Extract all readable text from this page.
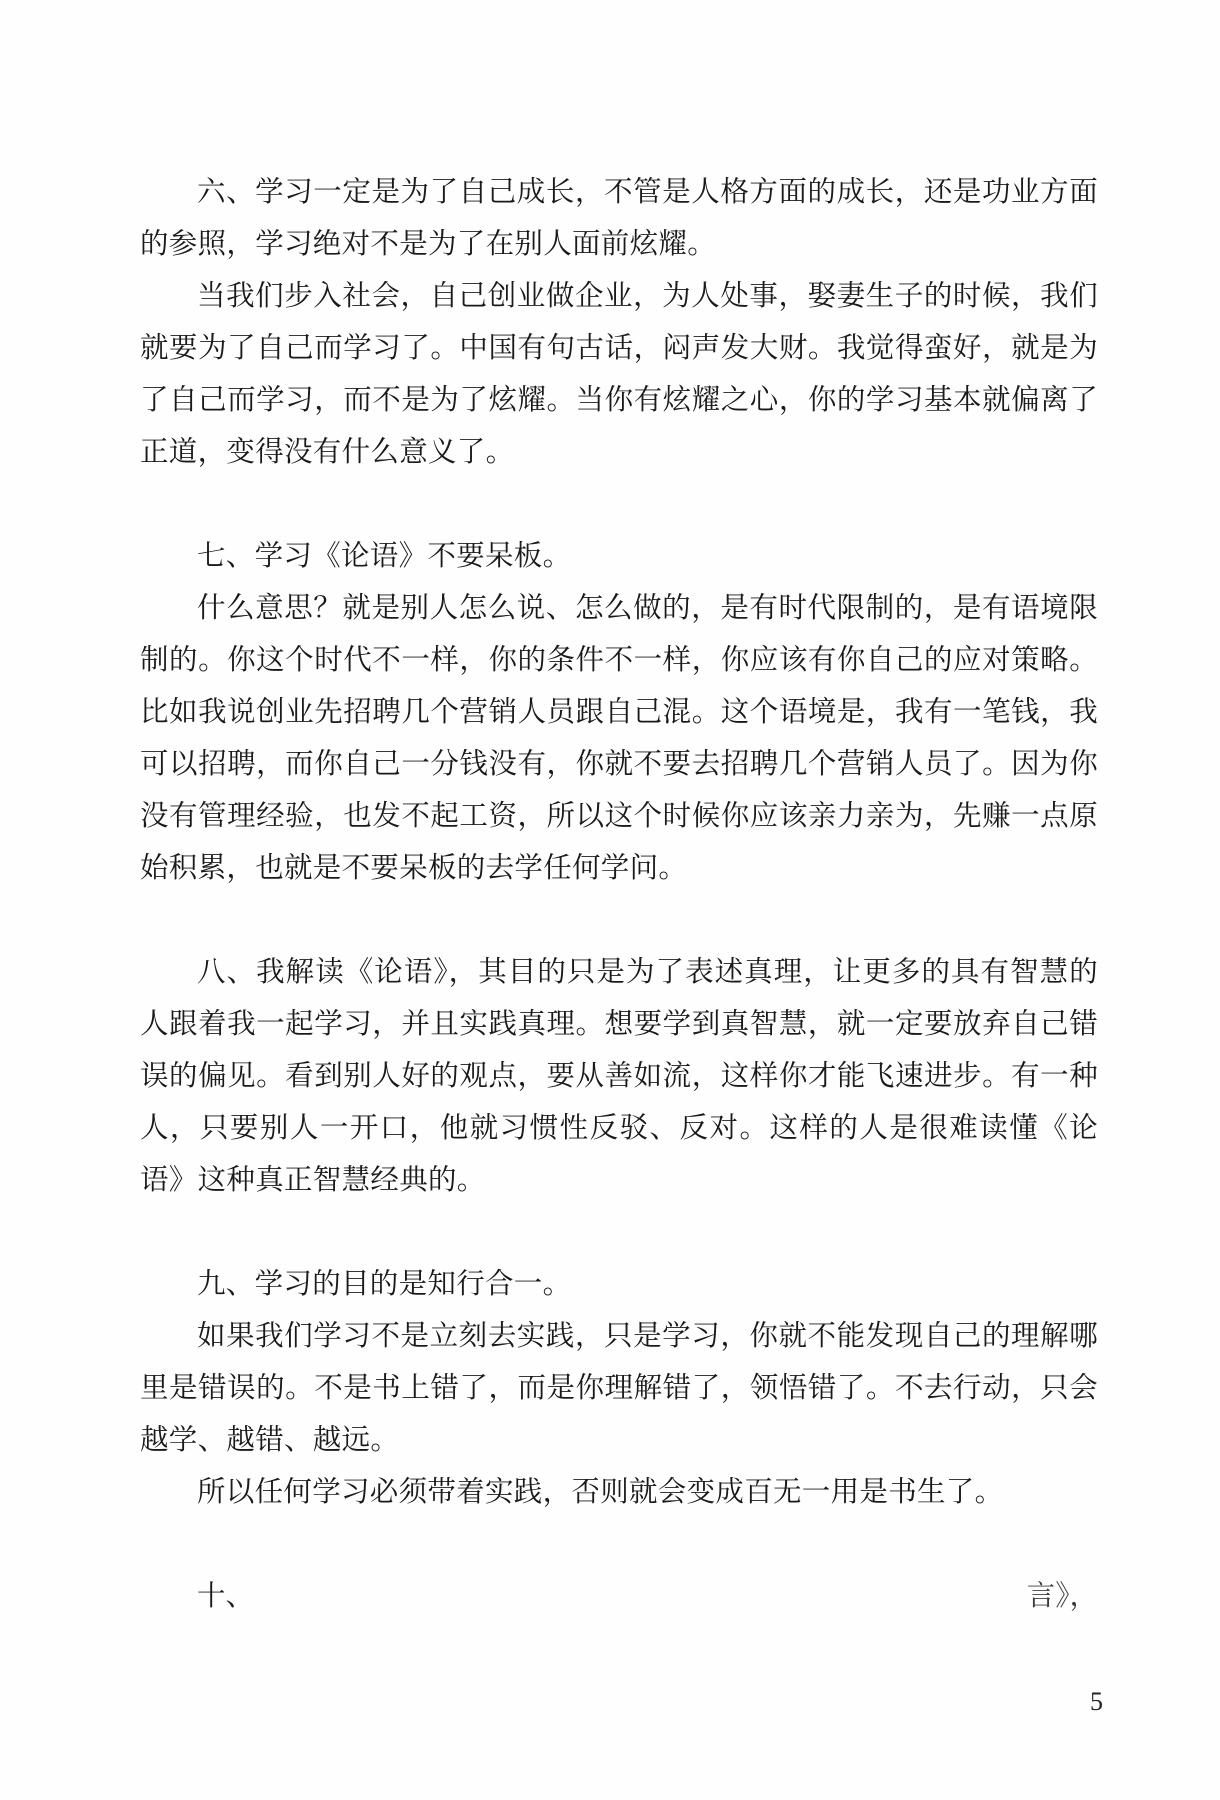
六、学习一定是为了自己成长，不管是人格方面的成长，还是功业方面的参照，学习绝对不是为了在别人面前炫耀。

当我们步入社会，自己创业做企业，为人处事，娶妻生子的时候，我们就要为了自己而学习了。中国有句古话，闷声发大财。我觉得蛮好，就是为了自己而学习，而不是为了炫耀。当你有炫耀之心，你的学习基本就偏离了正道，变得没有什么意义了。

七、学习《论语》不要呆板。

什么意思？就是别人怎么说、怎么做的，是有时代限制的，是有语境限制的。你这个时代不一样，你的条件不一样，你应该有你自己的应对策略。比如我说创业先招聘几个营销人员跟自己混。这个语境是，我有一笔钱，我可以招聘，而你自己一分钱没有，你就不要去招聘几个营销人员了。因为你没有管理经验，也发不起工资，所以这个时候你应该亲力亲为，先赚一点原始积累，也就是不要呆板的去学任何学问。

八、我解读《论语》，其目的只是为了表述真理，让更多的具有智慧的人跟着我一起学习，并且实践真理。想要学到真智慧，就一定要放弃自己错误的偏见。看到别人好的观点，要从善如流，这样你才能飞速进步。有一种人，只要别人一开口，他就习惯性反驳、反对。这样的人是很难读懂《论语》这种真正智慧经典的。

九、学习的目的是知行合一。

如果我们学习不是立刻去实践，只是学习，你就不能发现自己的理解哪里是错误的。不是书上错了，而是你理解错了，领悟错了。不去行动，只会越学、越错、越远。

所以任何学习必须带着实践，否则就会变成百无一用是书生了。

十、	言》，
5
